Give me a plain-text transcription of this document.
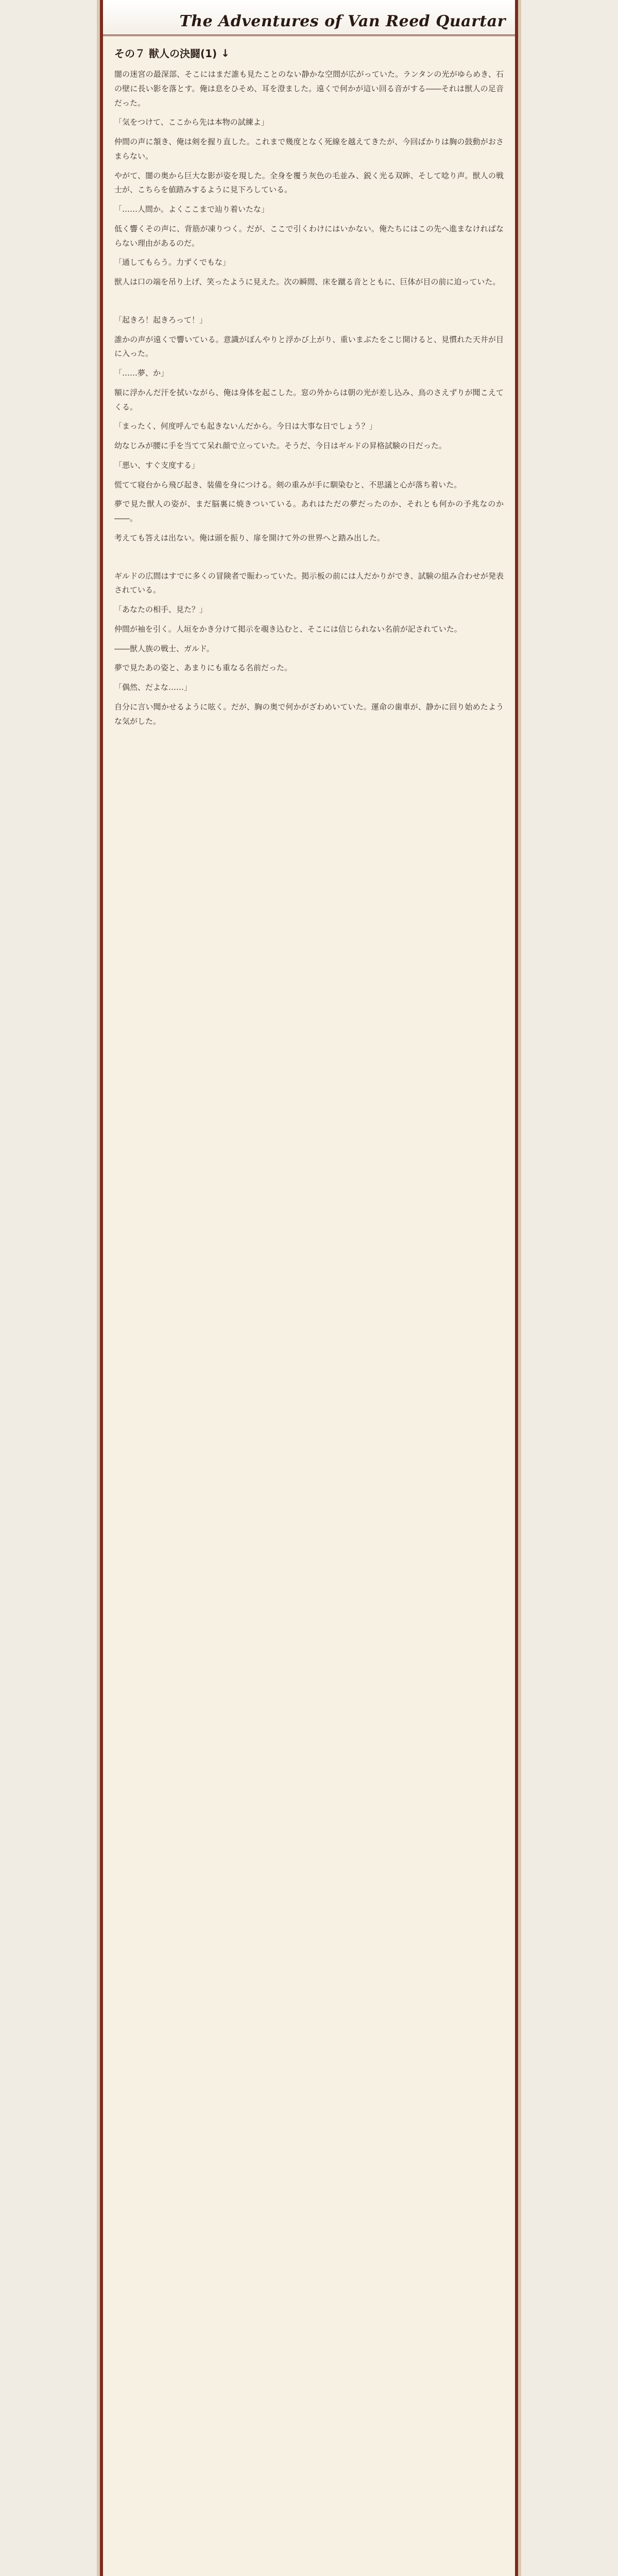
The Adventures of Van Reed Quartar
その７ 獣人の決闘(1) ↓

闇の迷宮の最深部、そこにはまだ誰も見たことのない静かな空間が広がっていた。ランタンの光がゆらめき、石の壁に長い影を落とす。俺は息をひそめ、耳を澄ました。遠くで何かが這い回る音がする――それは獣人の足音だった。

「気をつけて、ここから先は本物の試練よ」

仲間の声に頷き、俺は剣を握り直した。これまで幾度となく死線を越えてきたが、今回ばかりは胸の鼓動がおさまらない。

やがて、闇の奥から巨大な影が姿を現した。全身を覆う灰色の毛並み、鋭く光る双眸、そして唸り声。獣人の戦士が、こちらを値踏みするように見下ろしている。

「……人間か。よくここまで辿り着いたな」

低く響くその声に、背筋が凍りつく。だが、ここで引くわけにはいかない。俺たちにはこの先へ進まなければならない理由があるのだ。

「通してもらう。力ずくでもな」

獣人は口の端を吊り上げ、笑ったように見えた。次の瞬間、床を蹴る音とともに、巨体が目の前に迫っていた。

「起きろ！起きろって！」

誰かの声が遠くで響いている。意識がぼんやりと浮かび上がり、重いまぶたをこじ開けると、見慣れた天井が目に入った。

「……夢、か」

額に浮かんだ汗を拭いながら、俺は身体を起こした。窓の外からは朝の光が差し込み、鳥のさえずりが聞こえてくる。

「まったく、何度呼んでも起きないんだから。今日は大事な日でしょう？」

幼なじみが腰に手を当てて呆れ顔で立っていた。そうだ、今日はギルドの昇格試験の日だった。

「悪い、すぐ支度する」

慌てて寝台から飛び起き、装備を身につける。剣の重みが手に馴染むと、不思議と心が落ち着いた。

夢で見た獣人の姿が、まだ脳裏に焼きついている。あれはただの夢だったのか、それとも何かの予兆なのか――。

考えても答えは出ない。俺は頭を振り、扉を開けて外の世界へと踏み出した。

ギルドの広間はすでに多くの冒険者で賑わっていた。掲示板の前には人だかりができ、試験の組み合わせが発表されている。

「あなたの相手、見た？」

仲間が袖を引く。人垣をかき分けて掲示を覗き込むと、そこには信じられない名前が記されていた。

――獣人族の戦士、ガルド。

夢で見たあの姿と、あまりにも重なる名前だった。

「偶然、だよな……」

自分に言い聞かせるように呟く。だが、胸の奥で何かがざわめいていた。運命の歯車が、静かに回り始めたような気がした。
